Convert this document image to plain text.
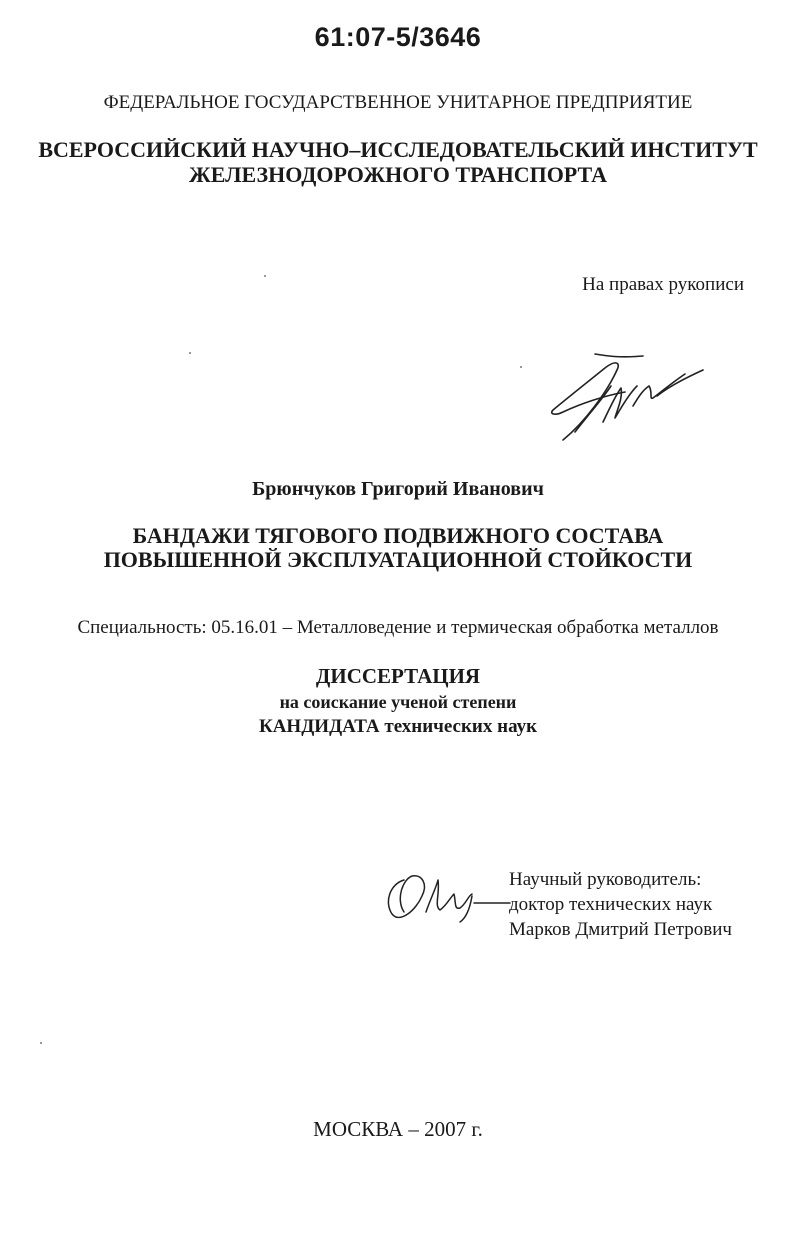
61:07-5/3646

ФЕДЕРАЛЬНОЕ ГОСУДАРСТВЕННОЕ УНИТАРНОЕ ПРЕДПРИЯТИЕ

ВСЕРОССИЙСКИЙ НАУЧНО–ИССЛЕДОВАТЕЛЬСКИЙ ИНСТИТУТ

ЖЕЛЕЗНОДОРОЖНОГО ТРАНСПОРТА

На правах рукописи

Брюнчуков Григорий Иванович

БАНДАЖИ ТЯГОВОГО ПОДВИЖНОГО СОСТАВА

ПОВЫШЕННОЙ ЭКСПЛУАТАЦИОННОЙ СТОЙКОСТИ

Специальность: 05.16.01 – Металловедение и термическая обработка металлов

ДИССЕРТАЦИЯ

на соискание ученой степени

КАНДИДАТА технических наук

Научный руководитель:

доктор технических наук

Марков Дмитрий Петрович

МОСКВА – 2007 г.
